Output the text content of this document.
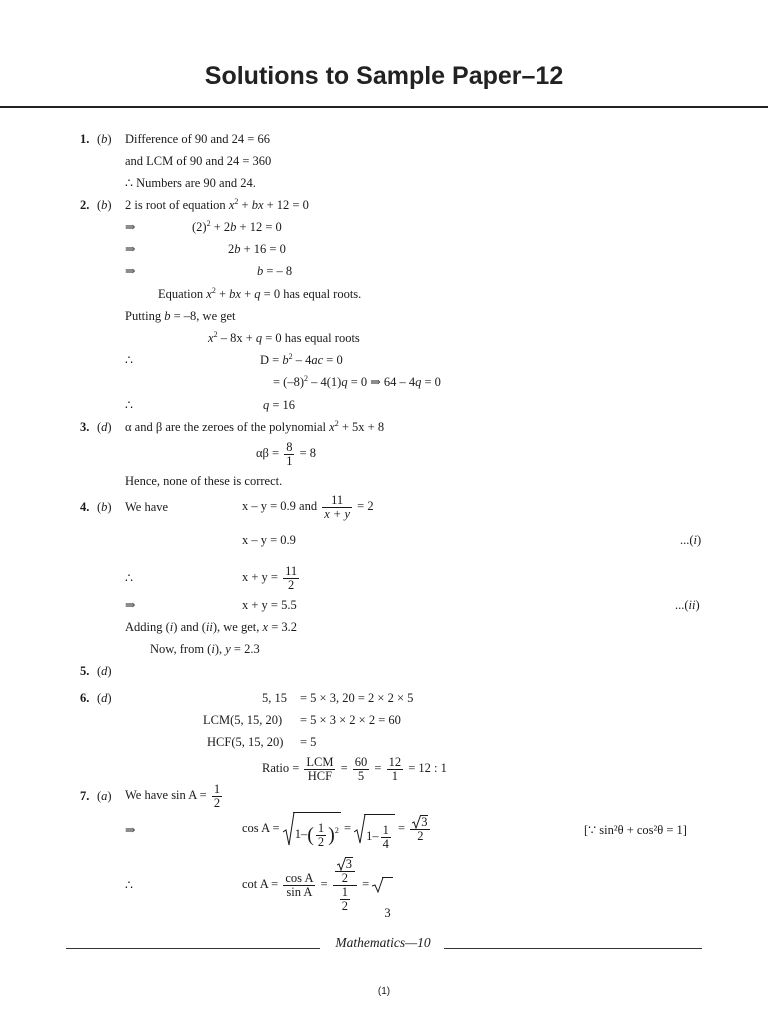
Solutions to Sample Paper–12
1. (b) Difference of 90 and 24 = 66
and LCM of 90 and 24 = 360
∴ Numbers are 90 and 24.
2. (b) 2 is root of equation $x^2$ + bx + 12 = 0
⇒	$(2)^2 + 2b + 12 = 0$
⇒	2b + 16 = 0
⇒	b = – 8
Equation $x^2$ + bx + q = 0 has equal roots.
Putting b = –8, we get
$x^2 - 8x + q = 0$ has equal roots
∴	$D = b^2 - 4ac = 0$
= $(-8)^2 - 4(1)q = 0$ ⇒ 64 – 4q = 0
∴	q = 16
3. (d) α and β are the zeroes of the polynomial $x^2 + 5x + 8$
$\alpha\beta = \frac{8}{1} = 8$
Hence, none of these is correct.
4. (b) We have	x – y = 0.9 and $\frac{11}{x + y} = 2$
x – y = 0.9	...(i)
∴	$x + y = \frac{11}{2}$
⇒	x + y = 5.5	...(ii)
Adding (i) and (ii), we get, x = 3.2
Now, from (i), y = 2.3
5. (d)
6. (d)	5, 15 = 5 × 3, 20 = 2 × 2 × 5
LCM(5, 15, 20) = 5 × 3 × 2 × 2 = 60
HCF(5, 15, 20) = 5
Ratio = $\frac{\text{LCM}}{\text{HCF}} = \frac{60}{5} = \frac{12}{1} = 12$ : 1
7. (a) We have $\sin A = \frac{1}{2}$
⇒	cos A =
$1-( \frac{1}{2} )^2$ =
$1- \frac{1}{4} = \frac{3}{2}$	[∵ sin²θ + cos²θ = 1]
∴	$\cot A = \frac{\text{cos A}}{\text{sin A}} = \frac{\frac{3}{2}}{\frac{1}{2}}$ =
3
Mathematics—10
(1)
